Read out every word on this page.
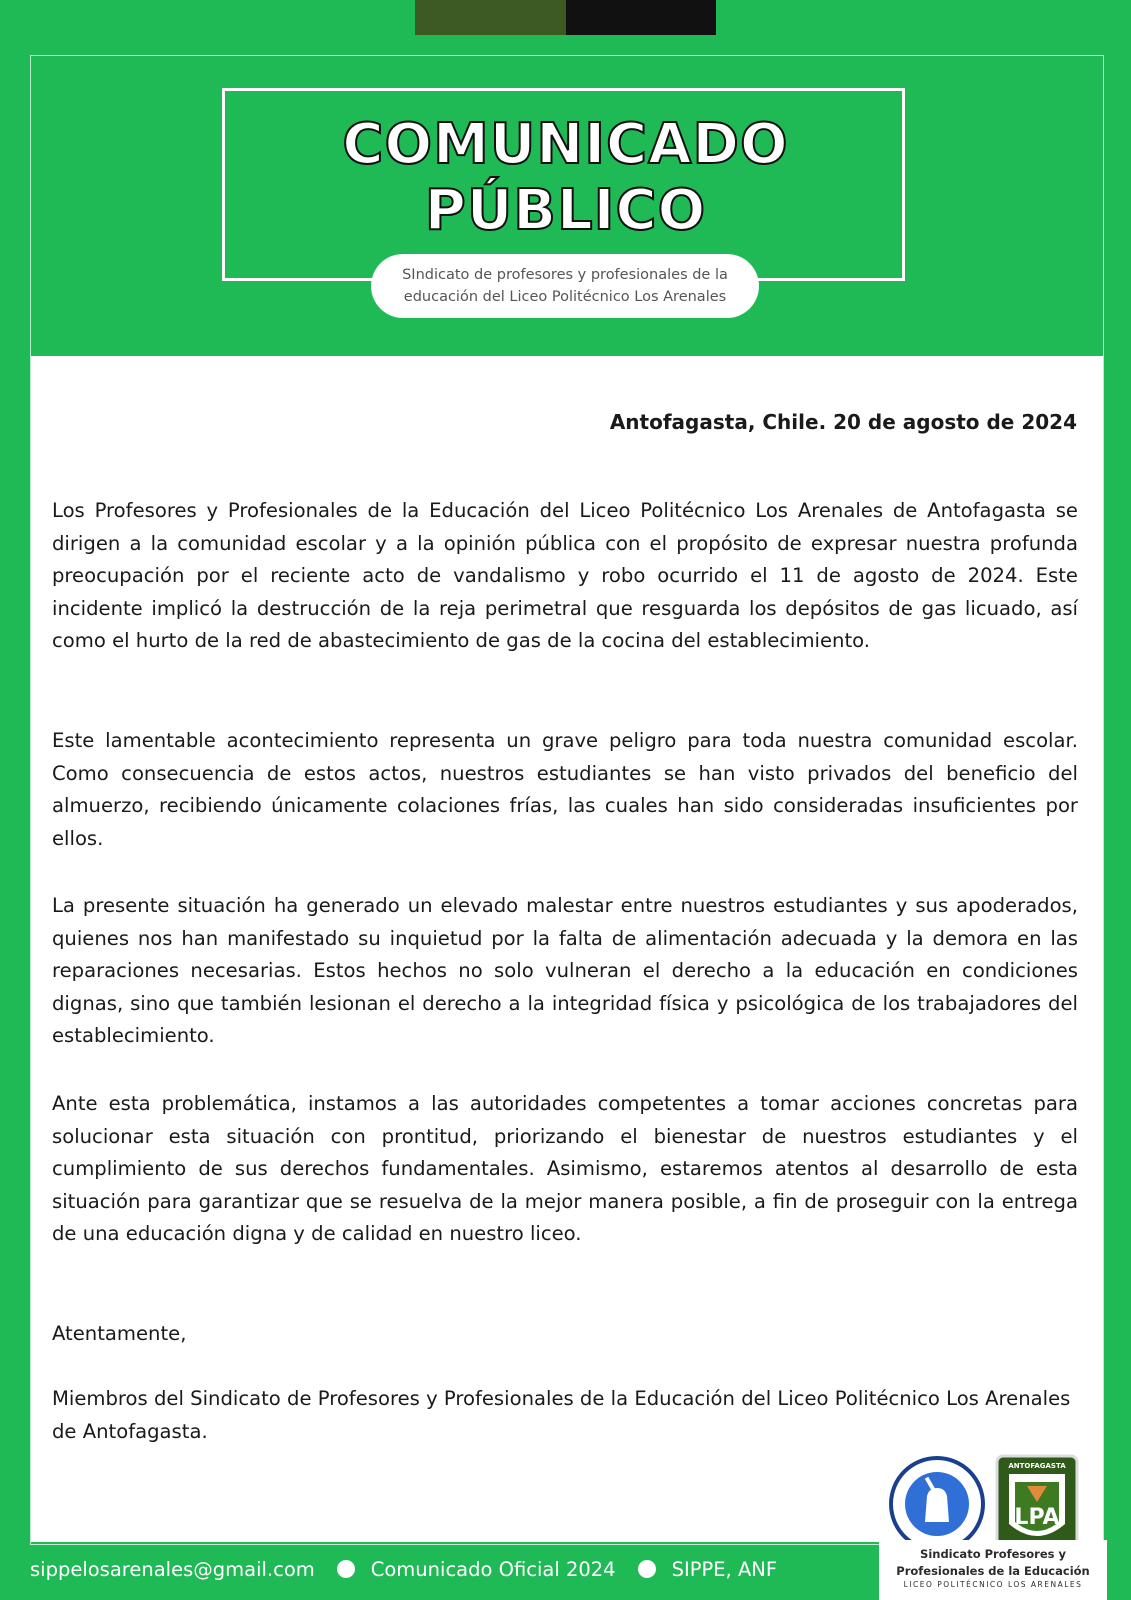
COMUNICADO
PÚBLICO
SIndicato de profesores y profesionales de la
educación del Liceo Politécnico Los Arenales
Antofagasta, Chile. 20 de agosto de 2024

Los Profesores y Profesionales de la Educación del Liceo Politécnico Los Arenales de Antofagasta se dirigen a la comunidad escolar y a la opinión pública con el propósito de expresar nuestra profunda preocupación por el reciente acto de vandalismo y robo ocurrido el 11 de agosto de 2024. Este incidente implicó la destrucción de la reja perimetral que resguarda los depósitos de gas licuado, así como el hurto de la red de abastecimiento de gas de la cocina del establecimiento.

Este lamentable acontecimiento representa un grave peligro para toda nuestra comunidad escolar. Como consecuencia de estos actos, nuestros estudiantes se han visto privados del beneficio del almuerzo, recibiendo únicamente colaciones frías, las cuales han sido consideradas insuficientes por ellos.

La presente situación ha generado un elevado malestar entre nuestros estudiantes y sus apoderados, quienes nos han manifestado su inquietud por la falta de alimentación adecuada y la demora en las reparaciones necesarias. Estos hechos no solo vulneran el derecho a la educación en condiciones dignas, sino que también lesionan el derecho a la integridad física y psicológica de los trabajadores del establecimiento.

Ante esta problemática, instamos a las autoridades competentes a tomar acciones concretas para solucionar esta situación con prontitud, priorizando el bienestar de nuestros estudiantes y el cumplimiento de sus derechos fundamentales. Asimismo, estaremos atentos al desarrollo de esta situación para garantizar que se resuelva de la mejor manera posible, a fin de proseguir con la entrega de una educación digna y de calidad en nuestro liceo.

Atentamente,

Miembros del Sindicato de Profesores y Profesionales de la Educación del Liceo Politécnico Los Arenales de Antofagasta.

sippelosarenales@gmail.com	Comunicado Oficial 2024	SIPPE, ANF
ANTOFAGASTA
LPA
Sindicato Profesores y
Profesionales de la Educación
LICEO POLITÉCNICO LOS ARENALES
